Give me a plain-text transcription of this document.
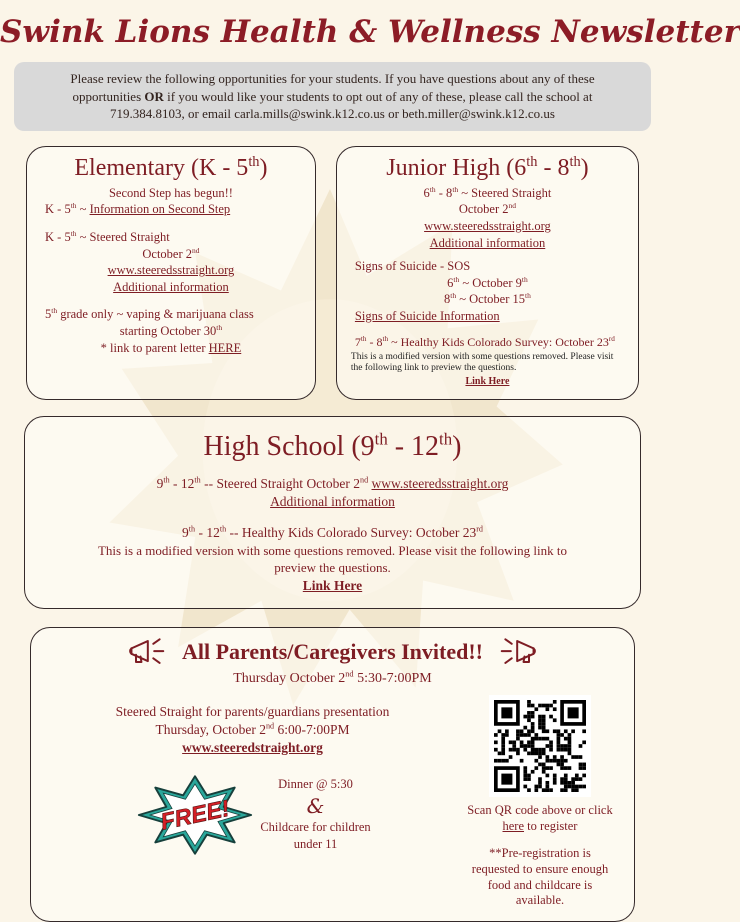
Swink Lions Health & Wellness Newsletter

Please review the following opportunities for your students. If you have questions about any of these opportunities OR if you would like your students to opt out of any of these, please call the school at 719.384.8103, or email carla.mills@swink.k12.co.us or beth.miller@swink.k12.co.us

Elementary (K - 5th)
Second Step has begun!!
K - 5th ~ Information on Second Step
K - 5th ~ Steered Straight
October 2nd
www.steeredsstraight.org
Additional information
5th grade only ~ vaping & marijuana class
starting October 30th
* link to parent letter HERE
Junior High (6th - 8th)
6th - 8th ~ Steered Straight
October 2nd
www.steeredsstraight.org
Additional information
Signs of Suicide - SOS
6th ~ October 9th
8th ~ October 15th
Signs of Suicide Information
7th - 8th ~ Healthy Kids Colorado Survey: October 23rd
This is a modified version with some questions removed. Please visit the following link to preview the questions.
Link Here
High School (9th - 12th)
9th - 12th -- Steered Straight October 2nd www.steeredsstraight.org
Additional information
9th - 12th -- Healthy Kids Colorado Survey: October 23rd
This is a modified version with some questions removed. Please visit the following link to preview the questions.
Link Here
All Parents/Caregivers Invited!!
Thursday October 2nd 5:30-7:00PM
Steered Straight for parents/guardians presentation
Thursday, October 2nd 6:00-7:00PM
www.steeredstraight.org
FREE!
Dinner @ 5:30
&
Childcare for children
under 11
Scan QR code above or click
here to register
**Pre-registration is requested to ensure enough food and childcare is available.
